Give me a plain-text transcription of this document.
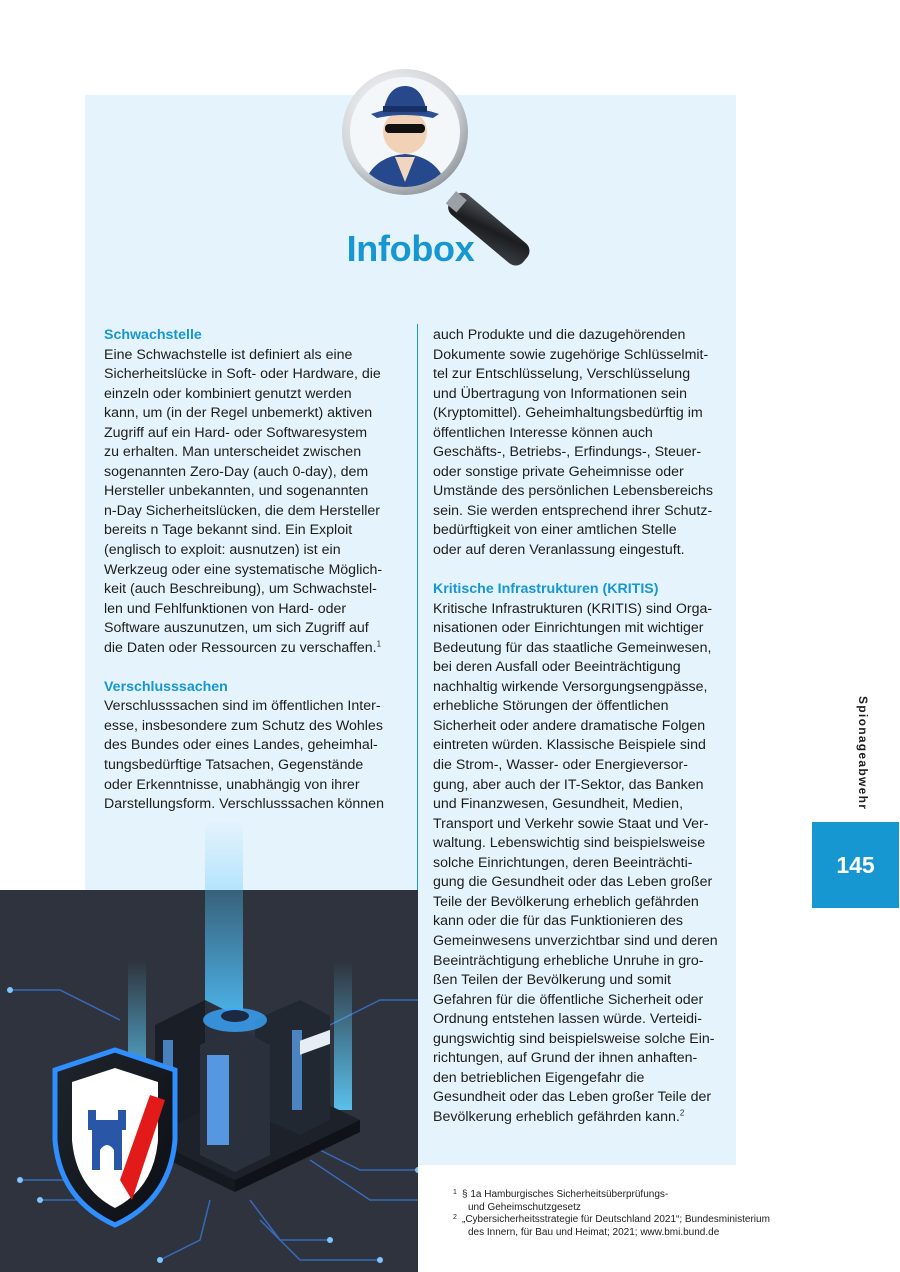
Infobox

Schwachstelle

Eine Schwachstelle ist definiert als eine

Sicherheitslücke in Soft- oder Hardware, die

einzeln oder kombiniert genutzt werden

kann, um (in der Regel unbemerkt) aktiven

Zugriff auf ein Hard- oder Softwaresystem

zu erhalten. Man unterscheidet zwischen

sogenannten Zero-Day (auch 0-day), dem

Hersteller unbekannten, und sogenannten

n-Day Sicherheitslücken, die dem Hersteller

bereits n Tage bekannt sind. Ein Exploit

(englisch to exploit: ausnutzen) ist ein

Werkzeug oder eine systematische Möglich-

keit (auch Beschreibung), um Schwachstel-

len und Fehlfunktionen von Hard- oder

Software auszunutzen, um sich Zugriff auf

die Daten oder Ressourcen zu verschaffen.$^1$

Verschlusssachen

Verschlusssachen sind im öffentlichen Inter-

esse, insbesondere zum Schutz des Wohles

des Bundes oder eines Landes, geheimhal-

tungsbedürftige Tatsachen, Gegenstände

oder Erkenntnisse, unabhängig von ihrer

Darstellungsform. Verschlusssachen können

auch Produkte und die dazugehörenden

Dokumente sowie zugehörige Schlüsselmit-

tel zur Entschlüsselung, Verschlüsselung

und Übertragung von Informationen sein

(Kryptomittel). Geheimhaltungsbedürftig im

öffentlichen Interesse können auch

Geschäfts-, Betriebs-, Erfindungs-, Steuer-

oder sonstige private Geheimnisse oder

Umstände des persönlichen Lebensbereichs

sein. Sie werden entsprechend ihrer Schutz-

bedürftigkeit von einer amtlichen Stelle

oder auf deren Veranlassung eingestuft.

Kritische Infrastrukturen (KRITIS)

Kritische Infrastrukturen (KRITIS) sind Orga-

nisationen oder Einrichtungen mit wichtiger

Bedeutung für das staatliche Gemeinwesen,

bei deren Ausfall oder Beeinträchtigung

nachhaltig wirkende Versorgungsengpässe,

erhebliche Störungen der öffentlichen

Sicherheit oder andere dramatische Folgen

eintreten würden. Klassische Beispiele sind

die Strom-, Wasser- oder Energieversor-

gung, aber auch der IT-Sektor, das Banken

und Finanzwesen, Gesundheit, Medien,

Transport und Verkehr sowie Staat und Ver-

waltung. Lebenswichtig sind beispielsweise

solche Einrichtungen, deren Beeinträchti-

gung die Gesundheit oder das Leben großer

Teile der Bevölkerung erheblich gefährden

kann oder die für das Funktionieren des

Gemeinwesens unverzichtbar sind und deren

Beeinträchtigung erhebliche Unruhe in gro-

ßen Teilen der Bevölkerung und somit

Gefahren für die öffentliche Sicherheit oder

Ordnung entstehen lassen würde. Verteidi-

gungswichtig sind beispielsweise solche Ein-

richtungen, auf Grund der ihnen anhaften-

den betrieblichen Eigengefahr die

Gesundheit oder das Leben großer Teile der

Bevölkerung erheblich gefährden kann.$^2$

Spionageabwehr
145
1 § 1a Hamburgisches Sicherheitsüberprüfungs-
und Geheimschutzgesetz
2 „Cybersicherheitsstrategie für Deutschland 2021“; Bundesministerium
des Innern, für Bau und Heimat; 2021; www.bmi.bund.de
